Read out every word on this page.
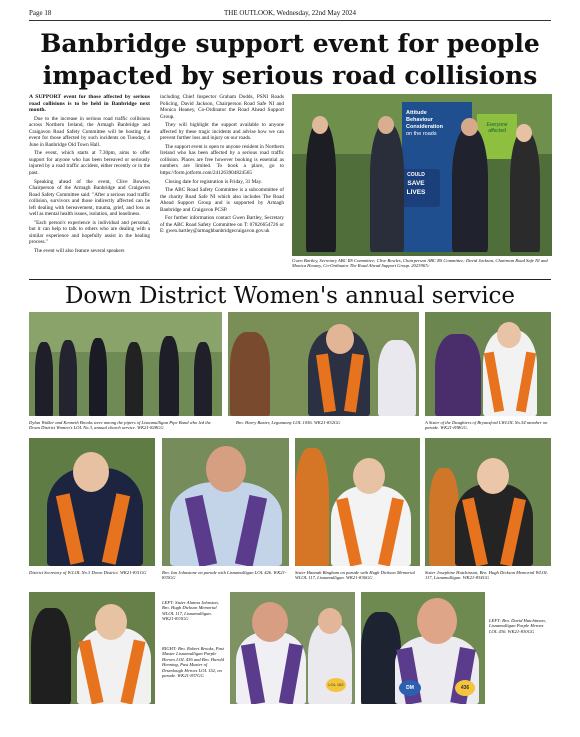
Page 18	THE OUTLOOK, Wednesday, 22nd May 2024
Banbridge support event for people impacted by serious road collisions

A SUPPORT event for those affected by serious road collisions is to be held in Banbridge next month.

Due to the increase in serious road traffic collisions across Northern Ireland, the Armagh Banbridge and Craigavon Road Safety Committee will be hosting the event for those affected by such incidents on Tuesday, 4 June in Banbridge Old Town Hall.

The event, which starts at 7.30pm, aims to offer support for anyone who has been bereaved or seriously injured by a road traffic accident, either recently or in the past.

Speaking ahead of the event, Clive Bowles, Chairperson of the Armagh Banbridge and Craigavon Road Safety Committee said: "After a serious road traffic collision, survivors and those indirectly affected can be left dealing with bereavement, trauma, grief, and loss as well as mental health issues, isolation, and loneliness.

"Each person's experience is individual and personal, but it can help to talk to others who are dealing with a similar experience and hopefully assist in the healing process."

The event will also feature several speakers

including Chief Inspector Graham Dodds, PSNI Roads Policing, David Jackson, Chairperson Road Safe NI and Monica Heaney, Co-Ordinator the Road Ahead Support Group.

They will highlight the support available to anyone affected by these tragic incidents and advise how we can prevent further loss and injury on our roads.

The support event is open to anyone resident in Northern Ireland who has been affected by a serious road traffic collision. Places are free however booking is essential as numbers are limited. To book a place, go to https://form.jotform.com/241263904824565

Closing date for registration is Friday, 31 May.

The ABC Road Safety Committee is a subcommittee of the charity Road Safe NI which also includes The Road Ahead Support Group and is supported by Armagh Banbridge and Craigavon PCSP.

For further information contact Gwen Bartley, Secretary of the ABC Road Safety Committee on T: 07826654726 or E: gwen.bartley@armaghbanbridgecraigavon.gov.uk

Attitude
Behaviour
Consideration
on the roads
COULD
SAVE
LIVES
Everyone affected
Gwen Bartley, Secretary ABC RS Committee; Clive Bowles, Chairperson ABC RS Committee; David Jackson, Chairman Road Safe NI and Monica Heaney, Co-Ordinator The Road Ahead Support Group. 2023967c
Down District Women's annual service
Dylan Walker and Kenneth Brooks were among the pipers of Lisnamulligan Pipe Band who led the Down District Women's LOL No.3, annual church service. WK21-828GG
Bro. Harry Baxter, Legananny LOL 1056. WK21-832GG	A Sister of the Daughters of Bryansford LWLOL No.54 member on parade. WK21-838GG.
District Secretary of W.LOL No.3 Down District. WK21-831GG	Bro. Ian Johnstone on parade with Lisnamulligan LOL 426. WK21-835GG
Sister Hannah Bingham on parade with Hugh Dickson Memorial WLOL 117, Lisnamulligan. WK21-836GG
Sister Josephine Hutchinson, Bro. Hugh Dickson Memorial WLOL 117, Lisnamulligan. WK21-834GG
LEFT: Sister Alanna Johnston, Bro. Hugh Dickson Memorial WLOL 117, Lisnamulligan. WK21-833GG
RIGHT: Bro. Robert Brooks, Past Master Lisnamulligan Purple Heroes LOL 436 and Bro. Harold Henning, Past Master of Drumlough Heroes LOL 152, on parade. WK21-837GG
LOL 152
DM	436
LEFT: Bro. David Hutchinson, Lisnamulligan Purple Heroes LOL 436. WK21-830GG
